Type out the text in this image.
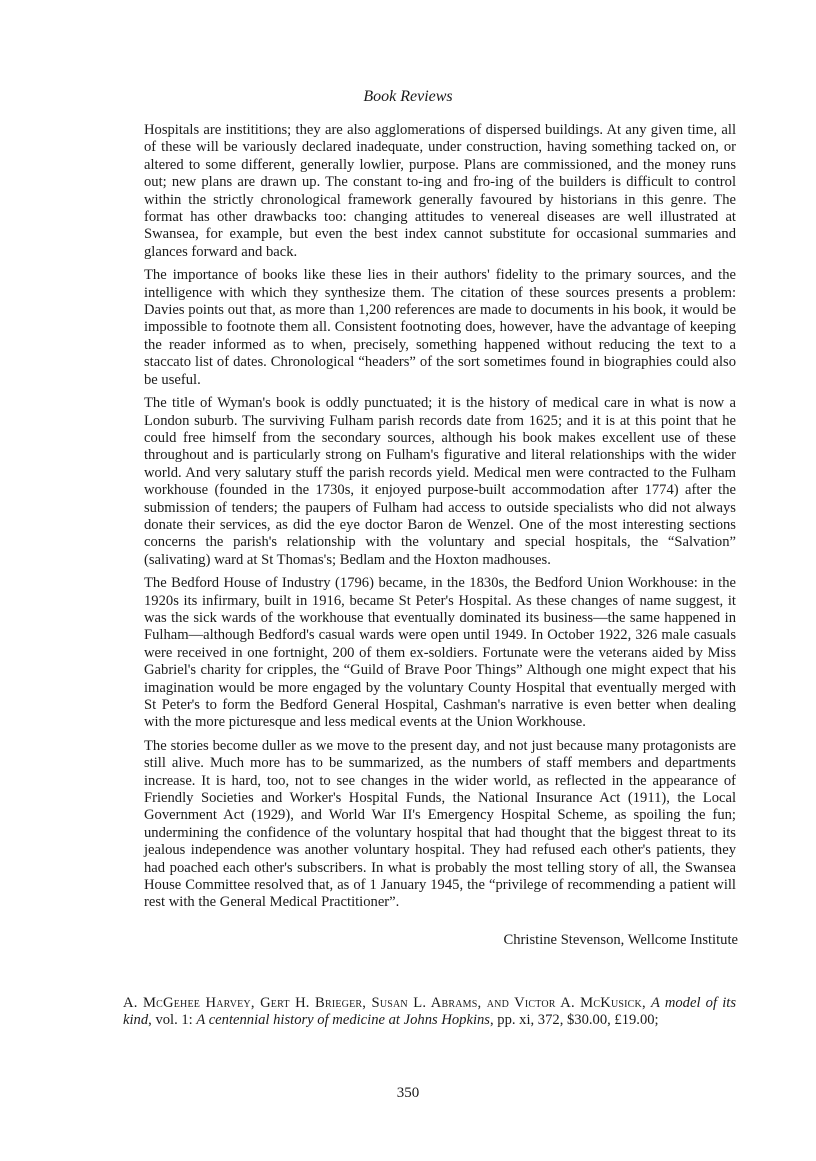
Book Reviews

Hospitals are instititions; they are also agglomerations of dispersed buildings. At any given time, all of these will be variously declared inadequate, under construction, having something tacked on, or altered to some different, generally lowlier, purpose. Plans are commissioned, and the money runs out; new plans are drawn up. The constant to-ing and fro-ing of the builders is difficult to control within the strictly chronological framework generally favoured by historians in this genre. The format has other drawbacks too: changing attitudes to venereal diseases are well illustrated at Swansea, for example, but even the best index cannot substitute for occasional summaries and glances forward and back.

The importance of books like these lies in their authors' fidelity to the primary sources, and the intelligence with which they synthesize them. The citation of these sources presents a problem: Davies points out that, as more than 1,200 references are made to documents in his book, it would be impossible to footnote them all. Consistent footnoting does, however, have the advantage of keeping the reader informed as to when, precisely, something happened without reducing the text to a staccato list of dates. Chronological “headers” of the sort sometimes found in biographies could also be useful.

The title of Wyman's book is oddly punctuated; it is the history of medical care in what is now a London suburb. The surviving Fulham parish records date from 1625; and it is at this point that he could free himself from the secondary sources, although his book makes excellent use of these throughout and is particularly strong on Fulham's figurative and literal relationships with the wider world. And very salutary stuff the parish records yield. Medical men were contracted to the Fulham workhouse (founded in the 1730s, it enjoyed purpose-built accommodation after 1774) after the submission of tenders; the paupers of Fulham had access to outside specialists who did not always donate their services, as did the eye doctor Baron de Wenzel. One of the most interesting sections concerns the parish's relationship with the voluntary and special hospitals, the “Salvation” (salivating) ward at St Thomas's; Bedlam and the Hoxton madhouses.

The Bedford House of Industry (1796) became, in the 1830s, the Bedford Union Workhouse: in the 1920s its infirmary, built in 1916, became St Peter's Hospital. As these changes of name suggest, it was the sick wards of the workhouse that eventually dominated its business—the same happened in Fulham—although Bedford's casual wards were open until 1949. In October 1922, 326 male casuals were received in one fortnight, 200 of them ex-soldiers. Fortunate were the veterans aided by Miss Gabriel's charity for cripples, the “Guild of Brave Poor Things” Although one might expect that his imagination would be more engaged by the voluntary County Hospital that eventually merged with St Peter's to form the Bedford General Hospital, Cashman's narrative is even better when dealing with the more picturesque and less medical events at the Union Workhouse.

The stories become duller as we move to the present day, and not just because many protagonists are still alive. Much more has to be summarized, as the numbers of staff members and departments increase. It is hard, too, not to see changes in the wider world, as reflected in the appearance of Friendly Societies and Worker's Hospital Funds, the National Insurance Act (1911), the Local Government Act (1929), and World War II's Emergency Hospital Scheme, as spoiling the fun; undermining the confidence of the voluntary hospital that had thought that the biggest threat to its jealous independence was another voluntary hospital. They had refused each other's patients, they had poached each other's subscribers. In what is probably the most telling story of all, the Swansea House Committee resolved that, as of 1 January 1945, the “privilege of recommending a patient will rest with the General Medical Practitioner”.

Christine Stevenson, Wellcome Institute
A. McGehee Harvey, Gert H. Brieger, Susan L. Abrams, and Victor A. McKusick, A model of its kind, vol. 1: A centennial history of medicine at Johns Hopkins, pp. xi, 372, $30.00, £19.00;
350
